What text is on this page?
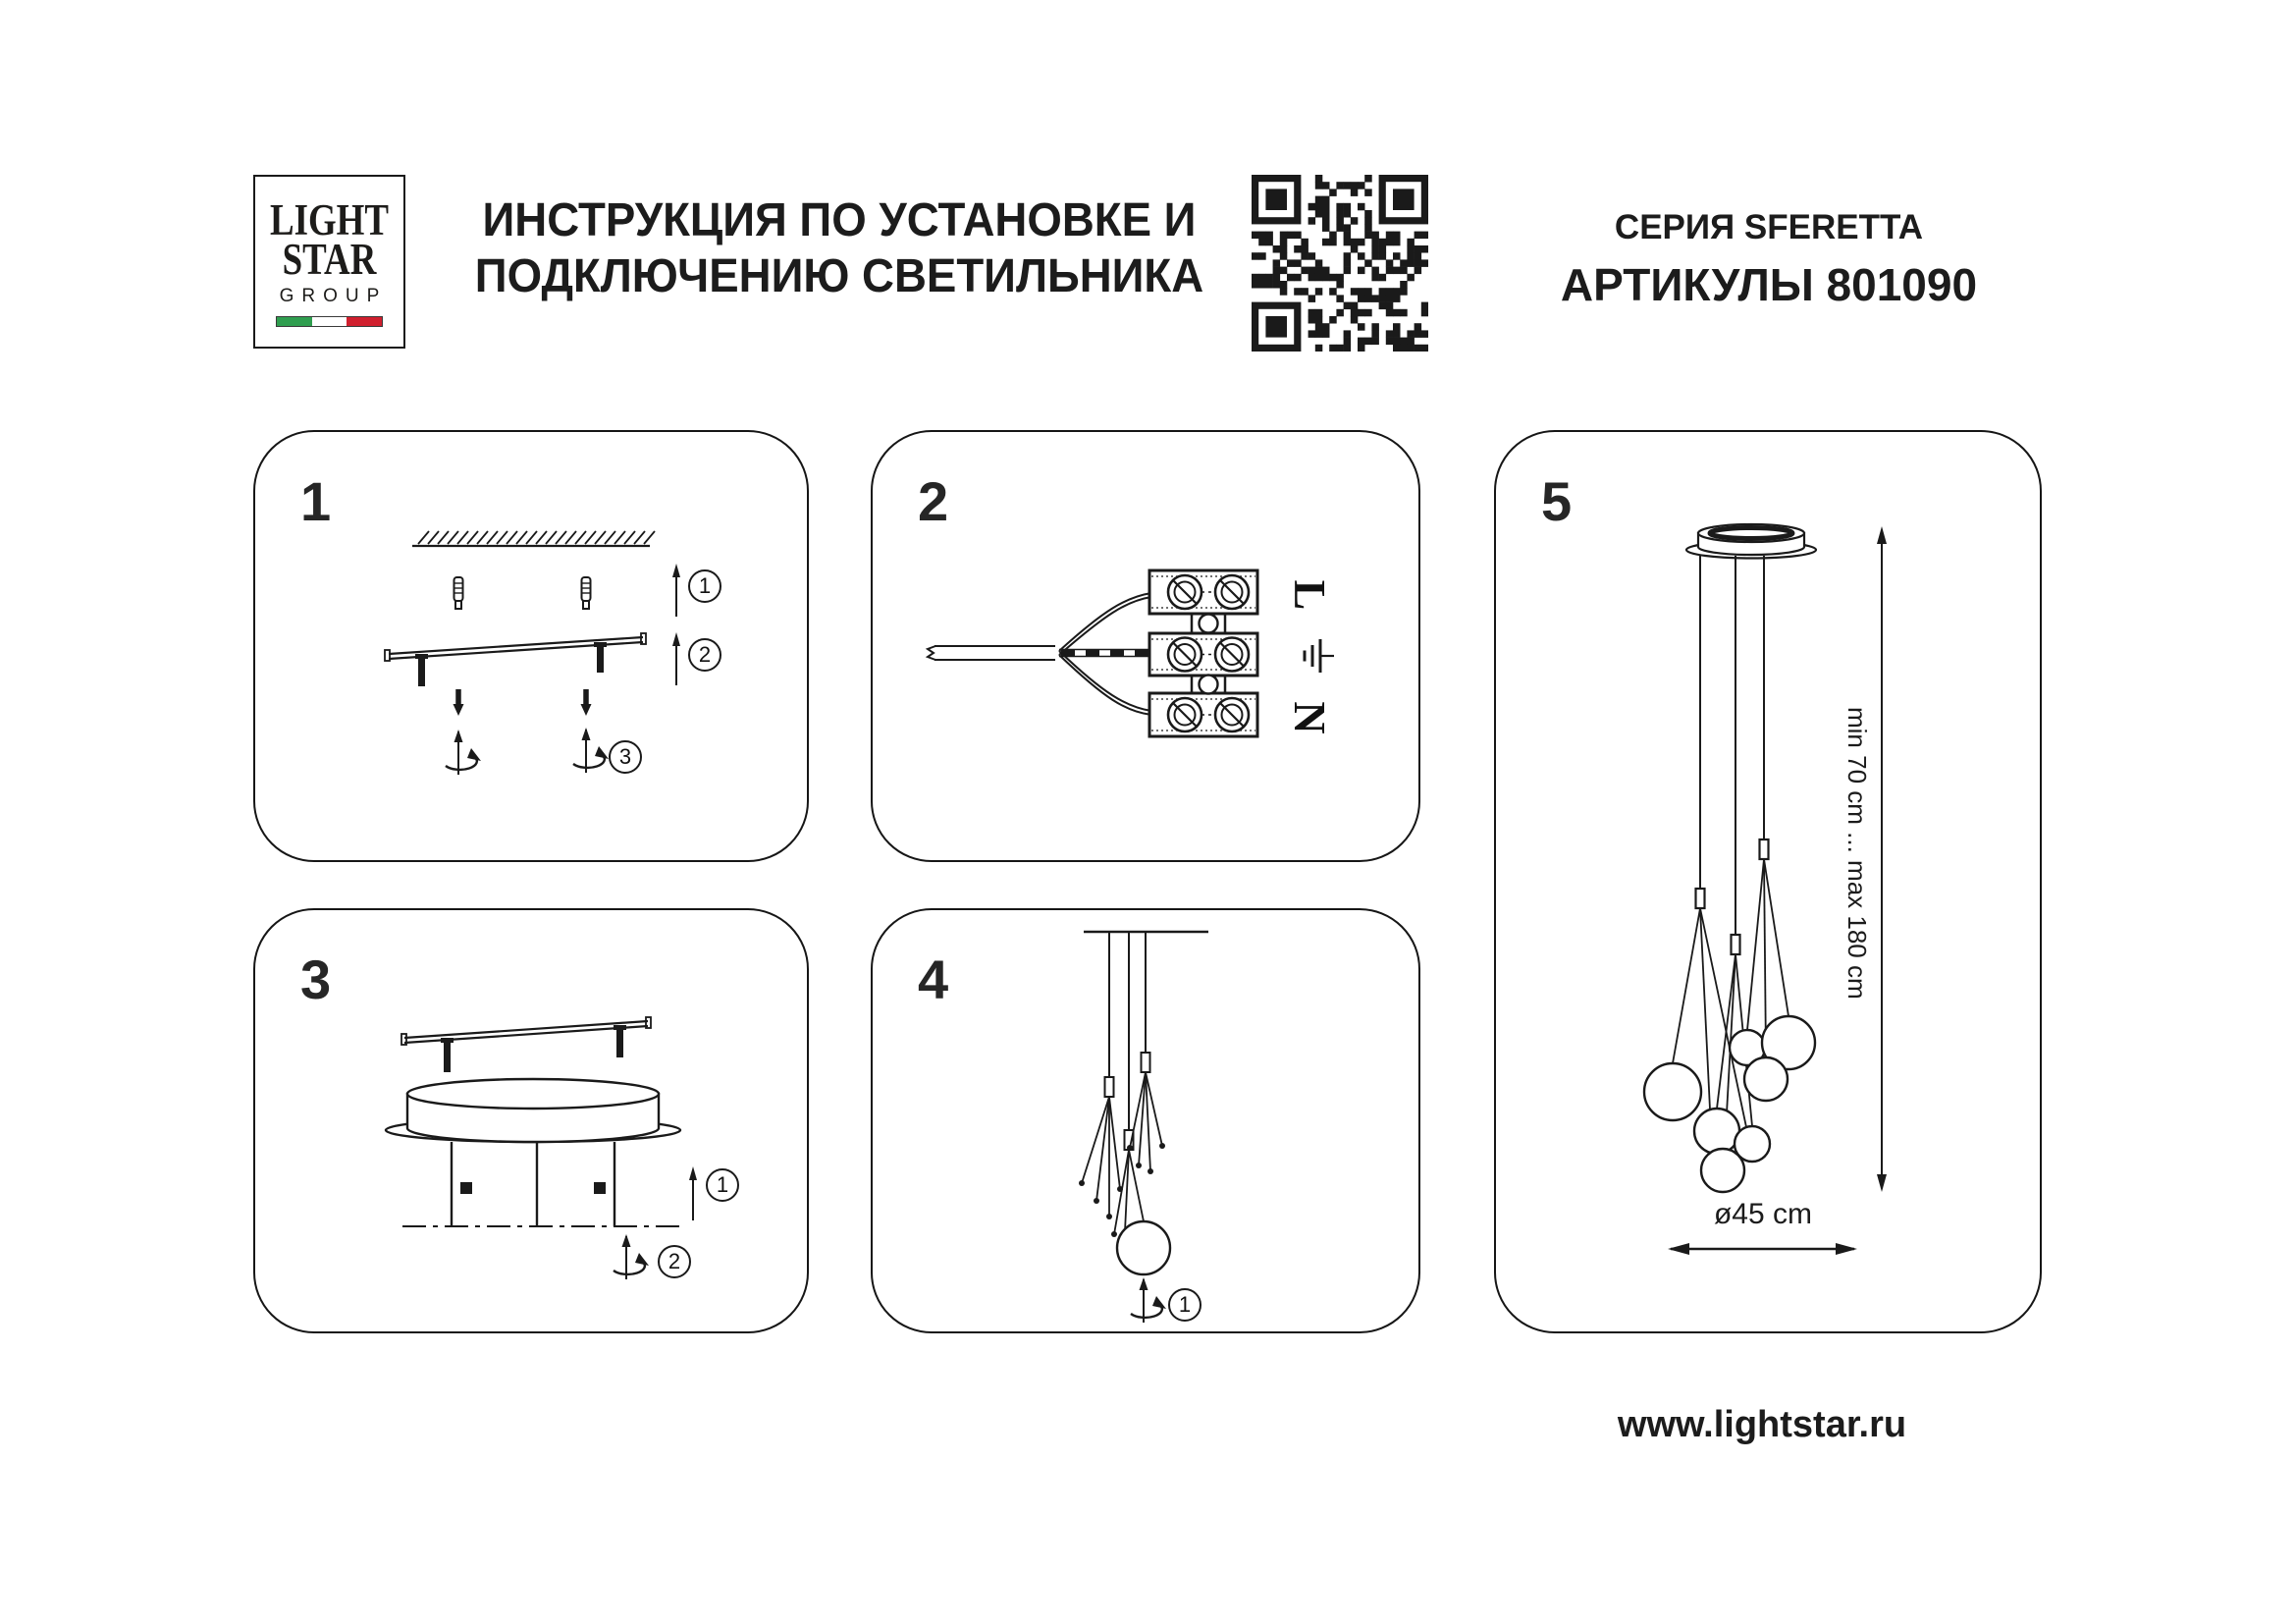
LIGHT
STAR
GROUP
ИНСТРУКЦИЯ ПО УСТАНОВКЕ И
ПОДКЛЮЧЕНИЮ СВЕТИЛЬНИКА
СЕРИЯ SFERETTA
АРТИКУЛЫ 801090
1
1
2
3
2
L
N
3
1
2
4
1
5
min 70 cm ... max 180 cm
ø45 cm
www.lightstar.ru
